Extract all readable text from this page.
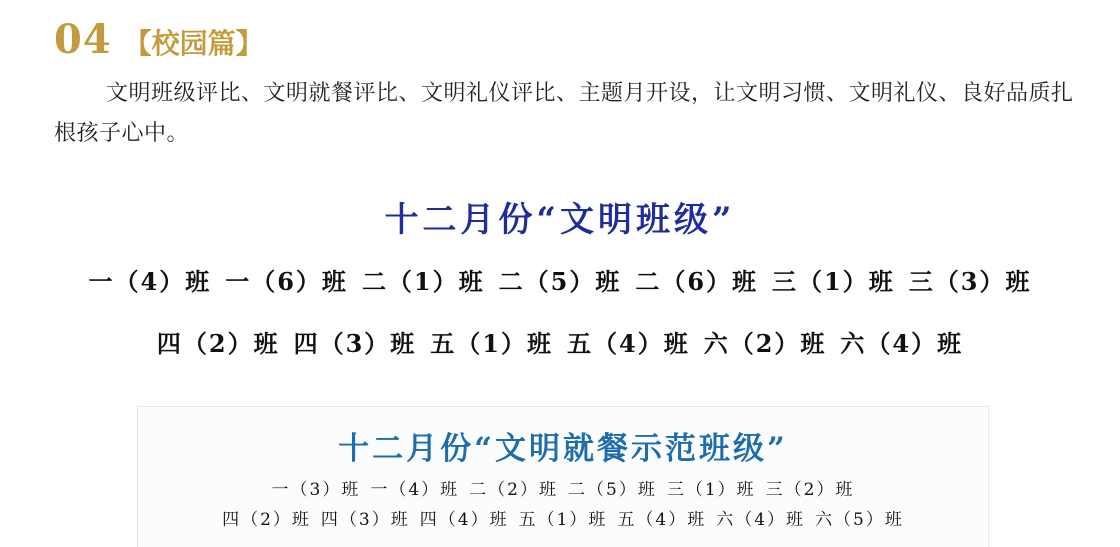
04 【校园篇】

文明班级评比、文明就餐评比、文明礼仪评比、主题月开设，让文明习惯、文明礼仪、良好品质扎根孩子心中。

十二月份“文明班级”
一（4）班 一（6）班 二（1）班 二（5）班 二（6）班 三（1）班 三（3）班
四（2）班 四（3）班 五（1）班 五（4）班 六（2）班 六（4）班
十二月份“文明就餐示范班级”
一（3）班 一（4）班 二（2）班 二（5）班 三（1）班 三（2）班
四（2）班 四（3）班 四（4）班 五（1）班 五（4）班 六（4）班 六（5）班
